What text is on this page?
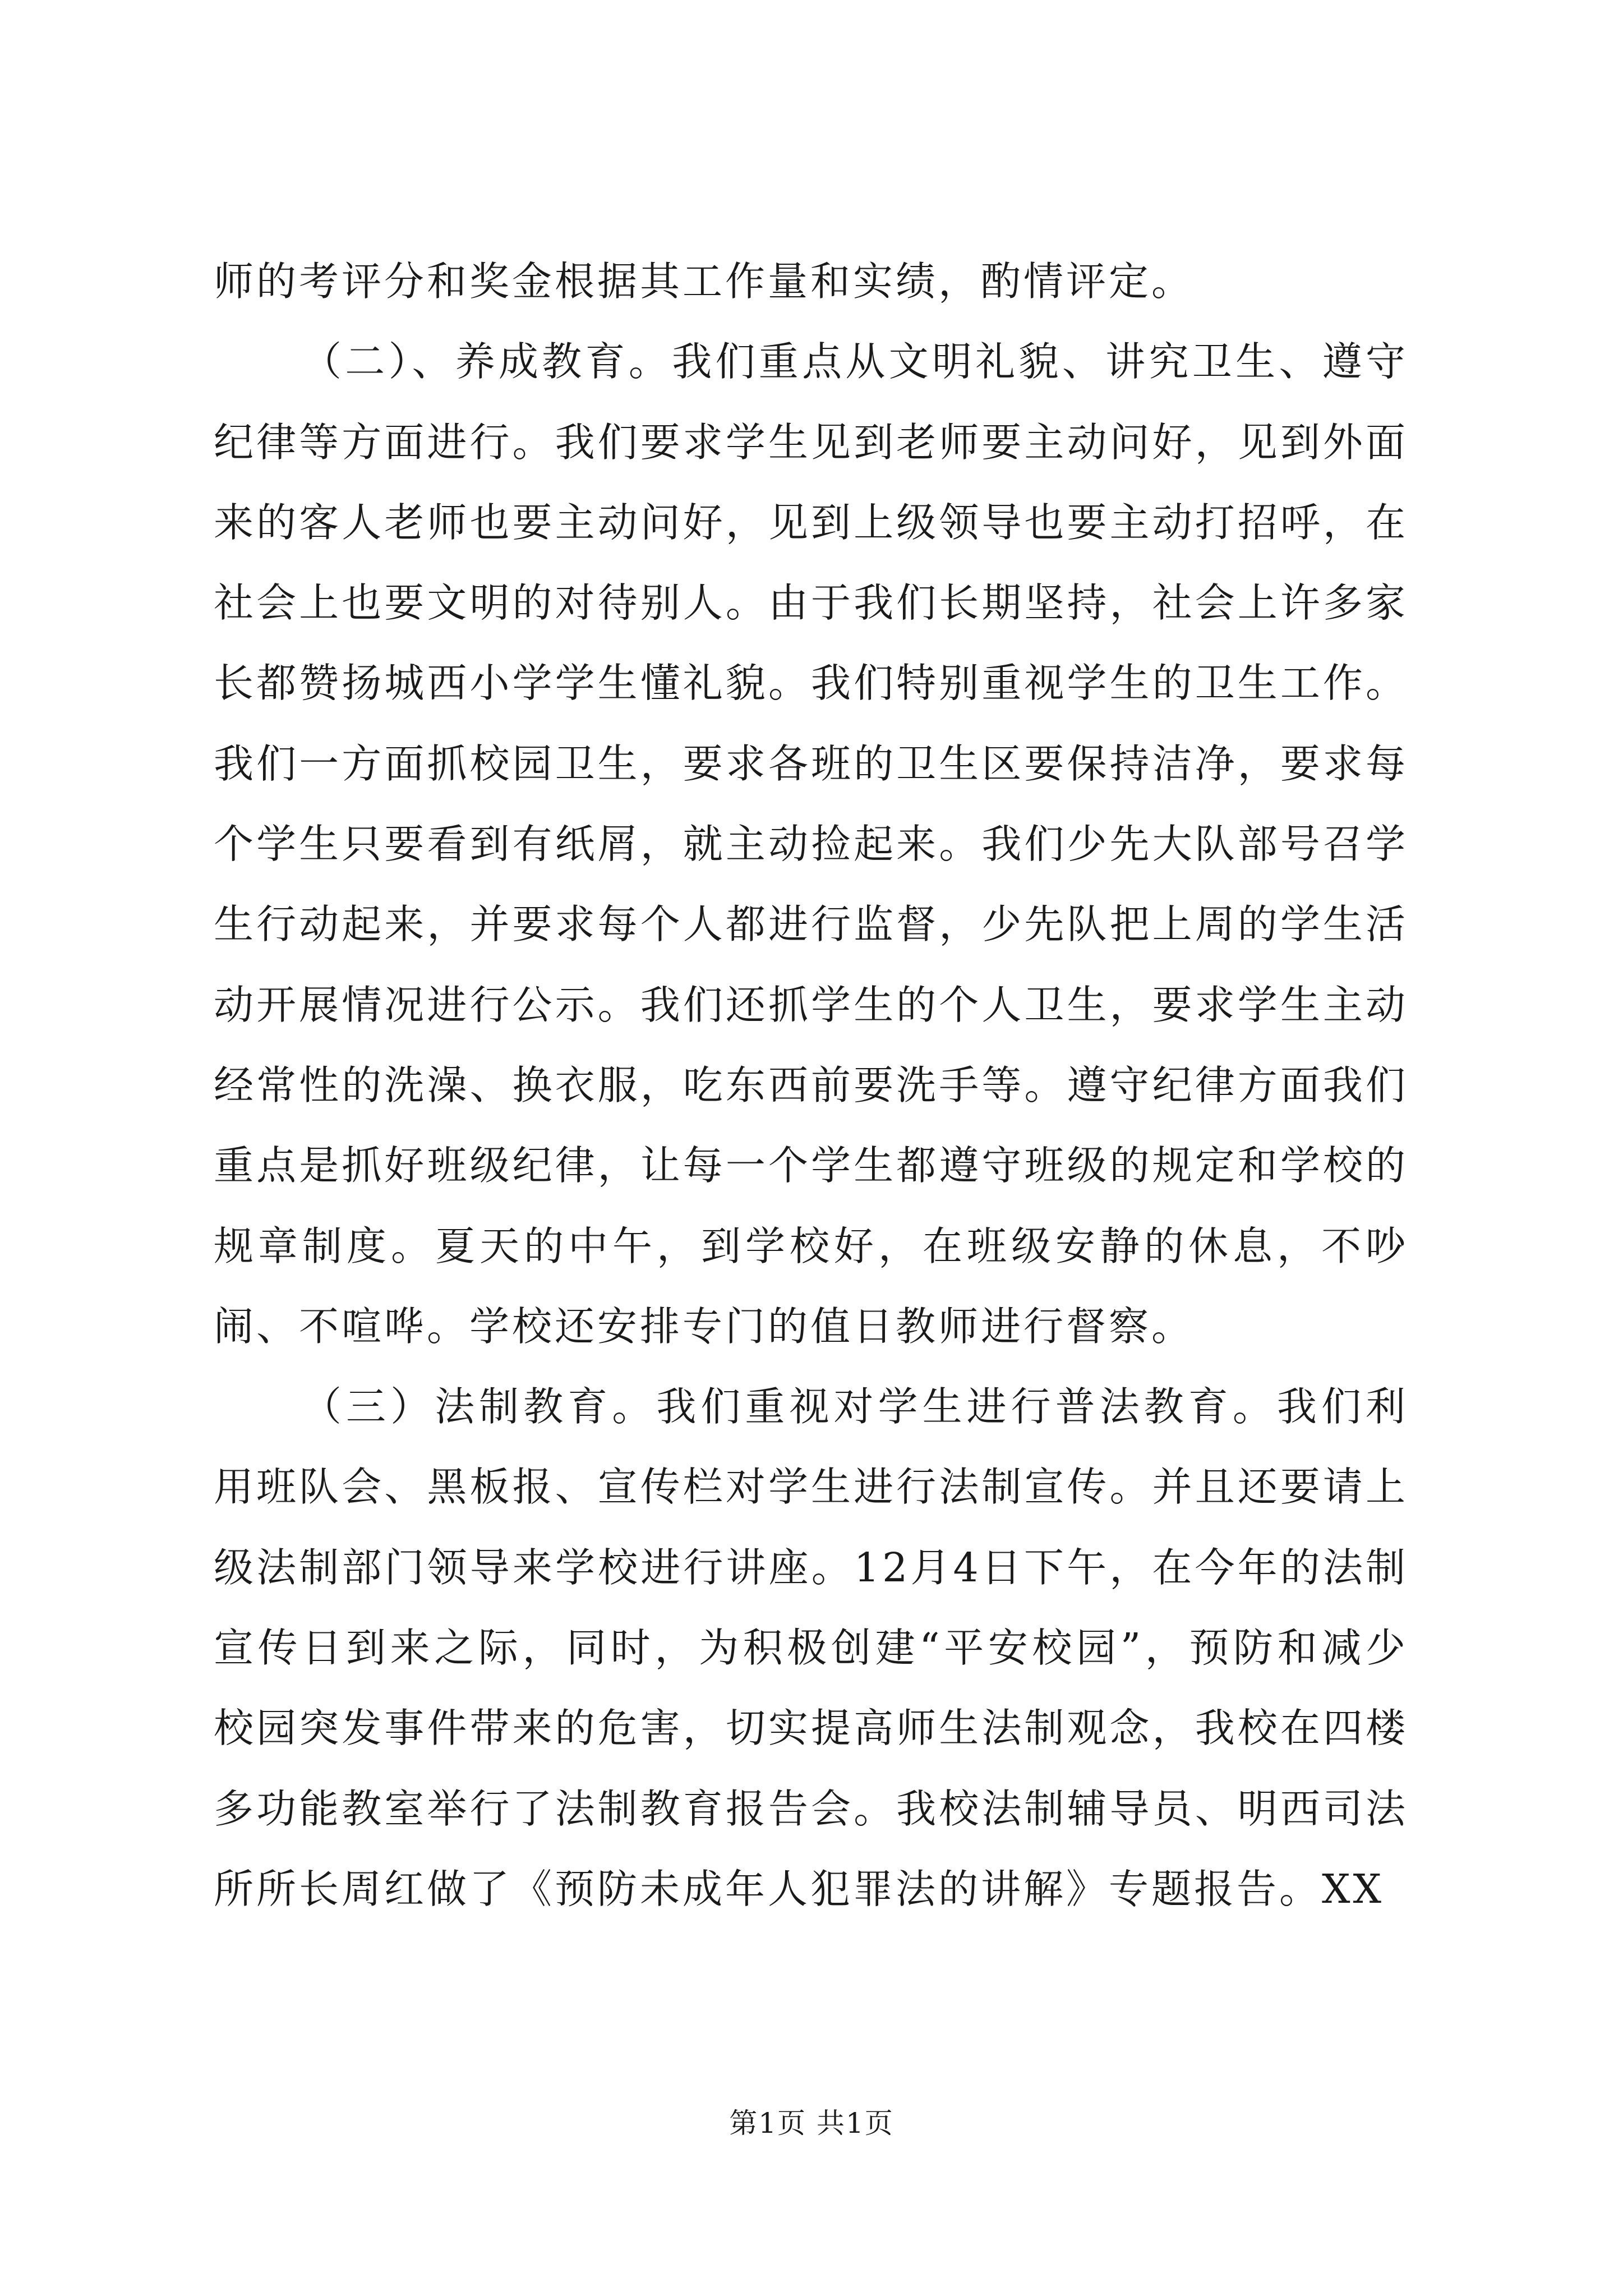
师的考评分和奖金根据其工作量和实绩，酌情评定。

（二）、养成教育。我们重点从文明礼貌、讲究卫生、遵守纪律等方面进行。我们要求学生见到老师要主动问好，见到外面来的客人老师也要主动问好，见到上级领导也要主动打招呼，在社会上也要文明的对待别人。由于我们长期坚持，社会上许多家长都赞扬城西小学学生懂礼貌。我们特别重视学生的卫生工作。我们一方面抓校园卫生，要求各班的卫生区要保持洁净，要求每个学生只要看到有纸屑，就主动捡起来。我们少先大队部号召学生行动起来，并要求每个人都进行监督，少先队把上周的学生活动开展情况进行公示。我们还抓学生的个人卫生，要求学生主动经常性的洗澡、换衣服，吃东西前要洗手等。遵守纪律方面我们重点是抓好班级纪律，让每一个学生都遵守班级的规定和学校的规章制度。夏天的中午，到学校好，在班级安静的休息，不吵闹、不喧哗。学校还安排专门的值日教师进行督察。

（三）法制教育。我们重视对学生进行普法教育。我们利用班队会、黑板报、宣传栏对学生进行法制宣传。并且还要请上级法制部门领导来学校进行讲座。12月4日下午，在今年的法制宣传日到来之际，同时，为积极创建“平安校园”，预防和减少校园突发事件带来的危害，切实提高师生法制观念，我校在四楼多功能教室举行了法制教育报告会。我校法制辅导员、明西司法所所长周红做了《预防未成年人犯罪法的讲解》专题报告。XX

第1页 共1页
